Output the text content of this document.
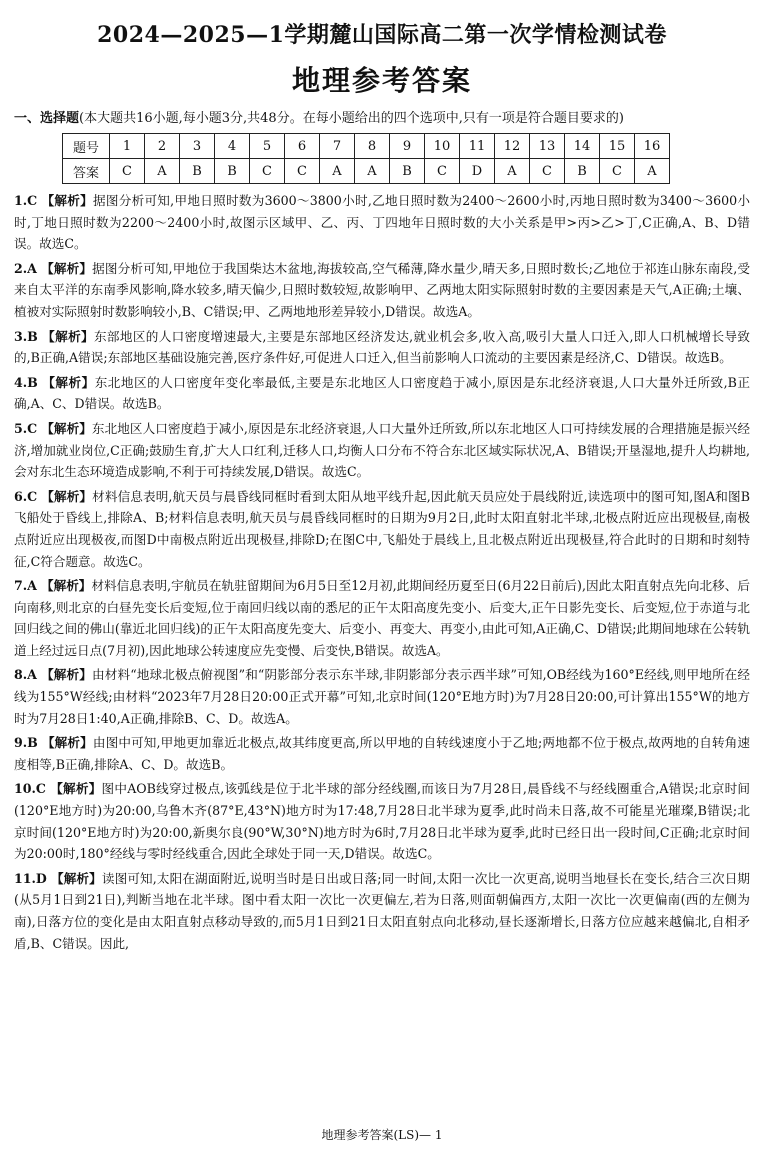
2024—2025—1学期麓山国际高二第一次学情检测试卷
地理参考答案
一、选择题(本大题共16小题,每小题3分,共48分。在每小题给出的四个选项中,只有一项是符合题目要求的)
题号	1	2	3	4	5	6	7	8	9	10	11	12	13	14	15	16
答案	C	A	B	B	C	C	A	A	B	C	D	A	C	B	C	A
1.C 【解析】据图分析可知,甲地日照时数为3600～3800小时,乙地日照时数为2400～2600小时,丙地日照时数为3400～3600小时,丁地日照时数为2200～2400小时,故图示区域甲、乙、丙、丁四地年日照时数的大小关系是甲>丙>乙>丁,C正确,A、B、D错误。故选C。
2.A 【解析】据图分析可知,甲地位于我国柴达木盆地,海拔较高,空气稀薄,降水量少,晴天多,日照时数长;乙地位于祁连山脉东南段,受来自太平洋的东南季风影响,降水较多,晴天偏少,日照时数较短,故影响甲、乙两地太阳实际照射时数的主要因素是天气,A正确;土壤、植被对实际照射时数影响较小,B、C错误;甲、乙两地地形差异较小,D错误。故选A。
3.B 【解析】东部地区的人口密度增速最大,主要是东部地区经济发达,就业机会多,收入高,吸引大量人口迁入,即人口机械增长导致的,B正确,A错误;东部地区基础设施完善,医疗条件好,可促进人口迁入,但当前影响人口流动的主要因素是经济,C、D错误。故选B。
4.B 【解析】东北地区的人口密度年变化率最低,主要是东北地区人口密度趋于减小,原因是东北经济衰退,人口大量外迁所致,B正确,A、C、D错误。故选B。
5.C 【解析】东北地区人口密度趋于减小,原因是东北经济衰退,人口大量外迁所致,所以东北地区人口可持续发展的合理措施是振兴经济,增加就业岗位,C正确;鼓励生育,扩大人口红利,迁移人口,均衡人口分布不符合东北区域实际状况,A、B错误;开垦湿地,提升人均耕地,会对东北生态环境造成影响,不利于可持续发展,D错误。故选C。
6.C 【解析】材料信息表明,航天员与晨昏线同框时看到太阳从地平线升起,因此航天员应处于晨线附近,读选项中的图可知,图A和图B飞船处于昏线上,排除A、B;材料信息表明,航天员与晨昏线同框时的日期为9月2日,此时太阳直射北半球,北极点附近应出现极昼,南极点附近应出现极夜,而图D中南极点附近出现极昼,排除D;在图C中,飞船处于晨线上,且北极点附近出现极昼,符合此时的日期和时刻特征,C符合题意。故选C。
7.A 【解析】材料信息表明,宇航员在轨驻留期间为6月5日至12月初,此期间经历夏至日(6月22日前后),因此太阳直射点先向北移、后向南移,则北京的白昼先变长后变短,位于南回归线以南的悉尼的正午太阳高度先变小、后变大,正午日影先变长、后变短,位于赤道与北回归线之间的佛山(靠近北回归线)的正午太阳高度先变大、后变小、再变大、再变小,由此可知,A正确,C、D错误;此期间地球在公转轨道上经过远日点(7月初),因此地球公转速度应先变慢、后变快,B错误。故选A。
8.A 【解析】由材料“地球北极点俯视图”和“阴影部分表示东半球,非阴影部分表示西半球”可知,OB经线为160°E经线,则甲地所在经线为155°W经线;由材料“2023年7月28日20:00正式开幕”可知,北京时间(120°E地方时)为7月28日20:00,可计算出155°W的地方时为7月28日1:40,A正确,排除B、C、D。故选A。
9.B 【解析】由图中可知,甲地更加靠近北极点,故其纬度更高,所以甲地的自转线速度小于乙地;两地都不位于极点,故两地的自转角速度相等,B正确,排除A、C、D。故选B。
10.C 【解析】图中AOB线穿过极点,该弧线是位于北半球的部分经线圈,而该日为7月28日,晨昏线不与经线圈重合,A错误;北京时间(120°E地方时)为20:00,乌鲁木齐(87°E,43°N)地方时为17:48,7月28日北半球为夏季,此时尚未日落,故不可能星光璀璨,B错误;北京时间(120°E地方时)为20:00,新奥尔良(90°W,30°N)地方时为6时,7月28日北半球为夏季,此时已经日出一段时间,C正确;北京时间为20:00时,180°经线与零时经线重合,因此全球处于同一天,D错误。故选C。
11.D 【解析】读图可知,太阳在湖面附近,说明当时是日出或日落;同一时间,太阳一次比一次更高,说明当地昼长在变长,结合三次日期(从5月1日到21日),判断当地在北半球。图中看太阳一次比一次更偏左,若为日落,则面朝偏西方,太阳一次比一次更偏南(西的左侧为南),日落方位的变化是由太阳直射点移动导致的,而5月1日到21日太阳直射点向北移动,昼长逐渐增长,日落方位应越来越偏北,自相矛盾,B、C错误。因此,
地理参考答案(LS)— 1
